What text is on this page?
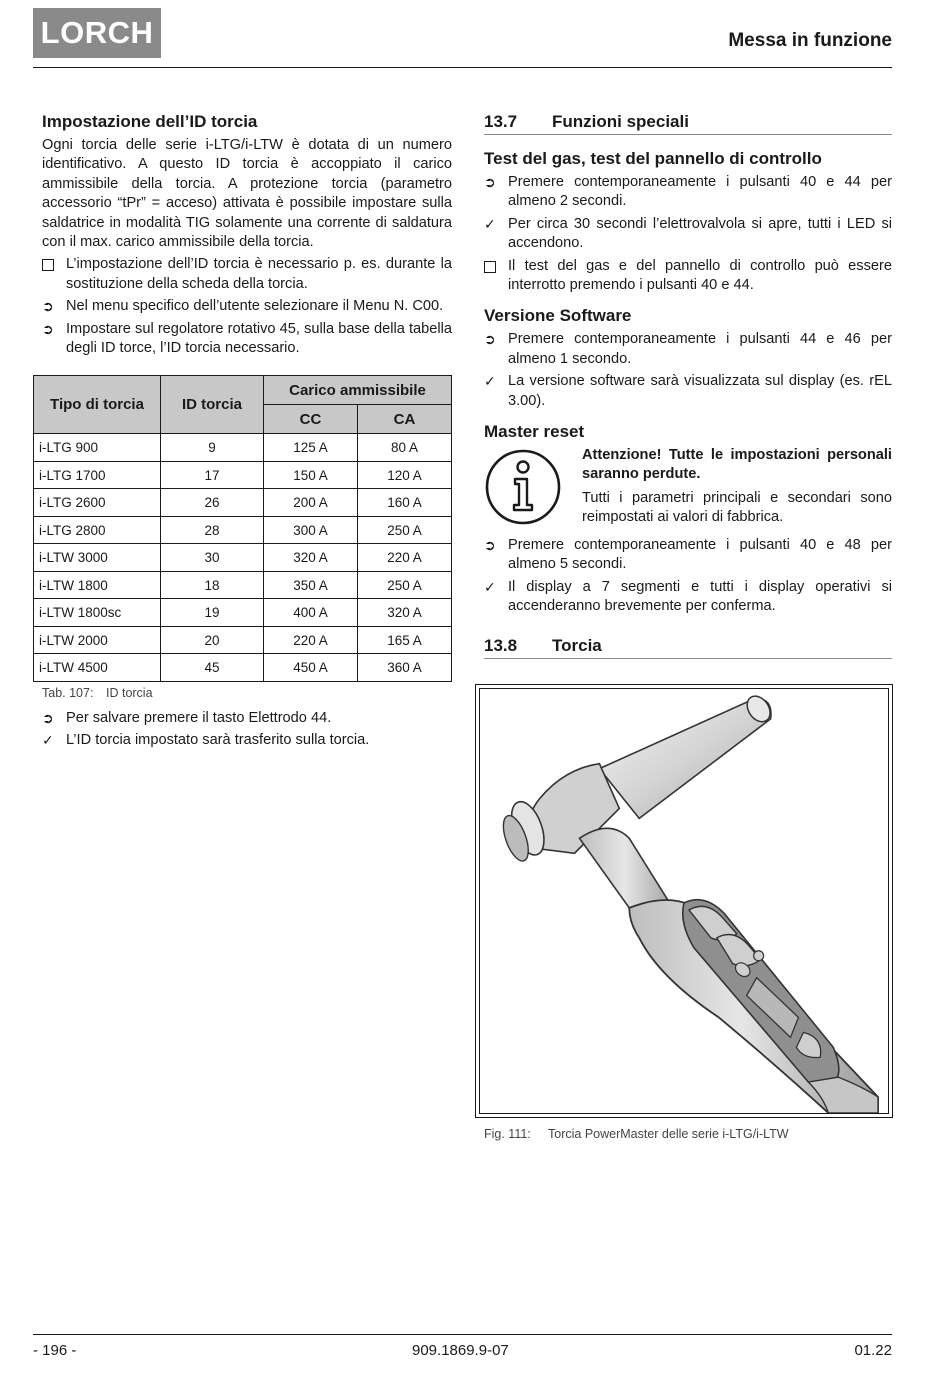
LORCH	Messa in funzione
Impostazione dell’ID torcia

Ogni torcia delle serie i-LTG/i-LTW è dotata di un numero identificativo. A questo ID torcia è accoppiato il carico ammissibile della torcia. A protezione torcia (parametro accessorio “tPr” = acceso) attivata è possibile impostare sulla saldatrice in modalità TIG solamente una corrente di saldatura con il max. carico ammissibile della torcia.

L’impostazione dell’ID torcia è necessario p. es. durante la sostituzione della scheda della torcia.
➲ Nel menu specifico dell’utente selezionare il Menu N. C00.
➲ Impostare sul regolatore rotativo 45, sulla base della tabella degli ID torce, l’ID torcia necessario.
Tipo di torcia	ID torcia	Carico ammissibile	
		CC	CA
i-LTG 900	9	125 A	80 A
i-LTG 1700	17	150 A	120 A
i-LTG 2600	26	200 A	160 A
i-LTG 2800	28	300 A	250 A
i-LTW 3000	30	320 A	220 A
i-LTW 1800	18	350 A	250 A
i-LTW 1800sc	19	400 A	320 A
i-LTW 2000	20	220 A	165 A
i-LTW 4500	45	450 A	360 A
Tab. 107:	ID torcia
➲ Per salvare premere il tasto Elettrodo 44.
✓ L’ID torcia impostato sarà trasferito sulla torcia.
13.7	Funzioni speciali
Test del gas, test del pannello di controllo
➲ Premere contemporaneamente i pulsanti 40 e 44 per almeno 2 secondi.
✓ Per circa 30 secondi l’elettrovalvola si apre, tutti i LED si accendono.
Il test del gas e del pannello di controllo può essere interrotto premendo i pulsanti 40 e 44.
Versione Software
➲ Premere contemporaneamente i pulsanti 44 e 46 per almeno 1 secondo.
✓ La versione software sarà visualizzata sul display (es. rEL 3.00).
Master reset
Attenzione! Tutte le impostazioni personali saranno perdute.
Tutti i parametri principali e secondari sono reimpostati ai valori di fabbrica.
➲ Premere contemporaneamente i pulsanti 40 e 48 per almeno 5 secondi.
✓ Il display a 7 segmenti e tutti i display operativi si accenderanno brevemente per conferma.
13.8	Torcia
Fig. 111:	Torcia PowerMaster delle serie i-LTG/i-LTW
- 196 -	909.1869.9-07	01.22
